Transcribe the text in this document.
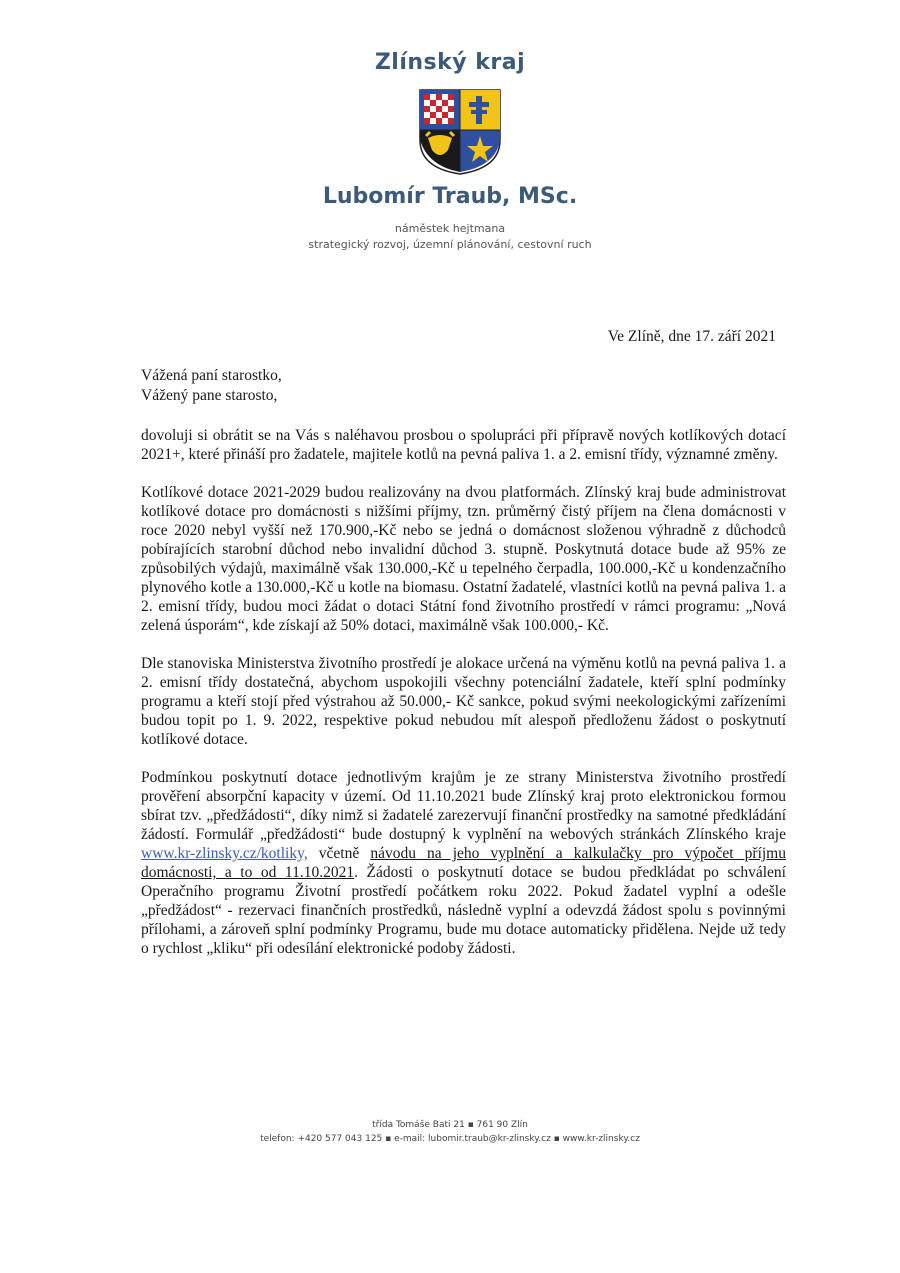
Zlínský kraj
Lubomír Traub, MSc.
náměstek hejtmana
strategický rozvoj, územní plánování, cestovní ruch
Ve Zlíně, dne 17. září 2021
Vážená paní starostko,
Vážený pane starosto,

dovoluji si obrátit se na Vás s naléhavou prosbou o spolupráci při přípravě nových kotlíkových dotací 2021+, které přináší pro žadatele, majitele kotlů na pevná paliva 1. a 2. emisní třídy, významné změny.

Kotlíkové dotace 2021-2029 budou realizovány na dvou platformách. Zlínský kraj bude administrovat kotlíkové dotace pro domácnosti s nižšími příjmy, tzn. průměrný čistý příjem na člena domácnosti v roce 2020 nebyl vyšší než 170.900,-Kč nebo se jedná o domácnost složenou výhradně z důchodců pobírajících starobní důchod nebo invalidní důchod 3. stupně. Poskytnutá dotace bude až 95% ze způsobilých výdajů, maximálně však 130.000,-Kč u tepelného čerpadla, 100.000,-Kč u kondenzačního plynového kotle a 130.000,-Kč u kotle na biomasu. Ostatní žadatelé, vlastníci kotlů na pevná paliva 1. a 2. emisní třídy, budou moci žádat o dotaci Státní fond životního prostředí v rámci programu: „Nová zelená úsporám“, kde získají až 50% dotaci, maximálně však 100.000,- Kč.

Dle stanoviska Ministerstva životního prostředí je alokace určená na výměnu kotlů na pevná paliva 1. a 2. emisní třídy dostatečná, abychom uspokojili všechny potenciální žadatele, kteří splní podmínky programu a kteří stojí před výstrahou až 50.000,- Kč sankce, pokud svými neekologickými zařízeními budou topit po 1. 9. 2022, respektive pokud nebudou mít alespoň předloženu žádost o poskytnutí kotlíkové dotace.

Podmínkou poskytnutí dotace jednotlivým krajům je ze strany Ministerstva životního prostředí prověření absorpční kapacity v území. Od 11.10.2021 bude Zlínský kraj proto elektronickou formou sbírat tzv. „předžádosti“, díky nimž si žadatelé zarezervují finanční prostředky na samotné předkládání žádostí. Formulář „předžádosti“ bude dostupný k vyplnění na webových stránkách Zlínského kraje www.kr-zlinsky.cz/kotliky, včetně návodu na jeho vyplnění a kalkulačky pro výpočet příjmu domácnosti, a to od 11.10.2021. Žádosti o poskytnutí dotace se budou předkládat po schválení Operačního programu Životní prostředí počátkem roku 2022. Pokud žadatel vyplní a odešle „předžádost“ - rezervaci finančních prostředků, následně vyplní a odevzdá žádost spolu s povinnými přílohami, a zároveň splní podmínky Programu, bude mu dotace automaticky přidělena. Nejde už tedy o rychlost „kliku“ při odesílání elektronické podoby žádosti.

třída Tomáše Bati 21 ▪ 761 90 Zlín
telefon: +420 577 043 125 ▪ e-mail: lubomir.traub@kr-zlinsky.cz ▪ www.kr-zlinsky.cz
